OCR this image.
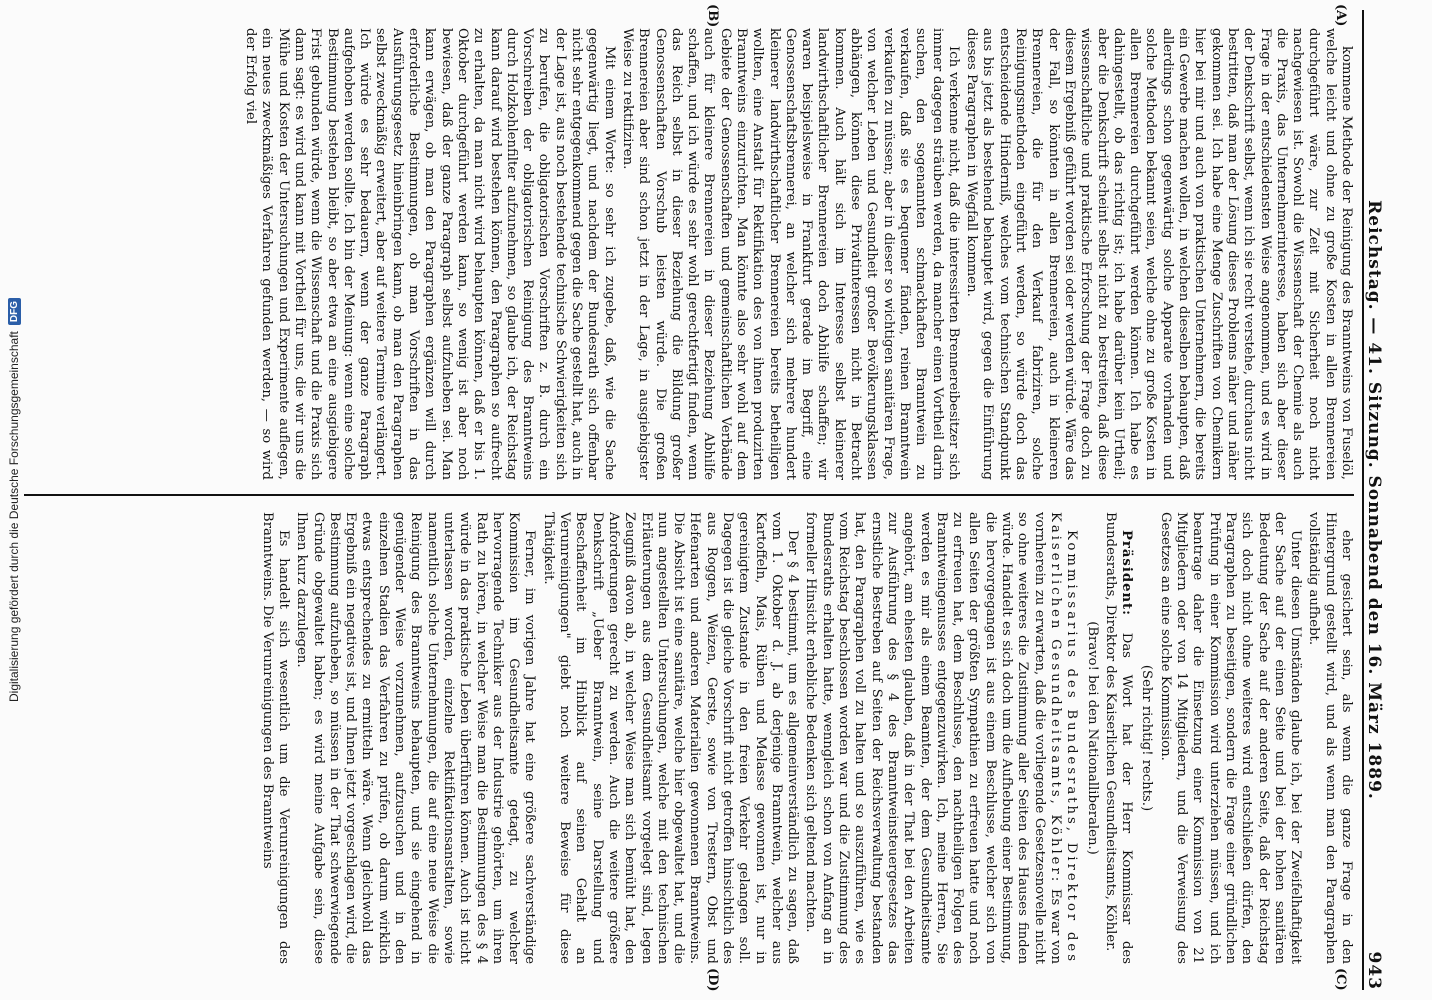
Reichstag. — 41. Sitzung. Sonnabend den 16. März 1889.
943
(A)
(B)
(C)
(D)

kommene Methode der Reinigung des Branntweins von Fuselöl, welche leicht und ohne zu große Kosten in allen Brennereien durchgeführt wäre, zur Zeit mit Sicherheit noch nicht nachgewiesen ist. Sowohl die Wissenschaft der Chemie als auch die Praxis, das Unternehmerinteresse, haben sich aber dieser Frage in der entschiedensten Weise angenommen, und es wird in der Denkschrift selbst, wenn ich sie recht verstehe, durchaus nicht bestritten, daß man der Lösung dieses Problems näher und näher gekommen sei. Ich habe eine Menge Zuschriften von Chemikern hier bei mir und auch von praktischen Unternehmern, die bereits ein Gewerbe machen wollen, in welchen dieselben behaupten, daß allerdings schon gegenwärtig solche Apparate vorhanden und solche Methoden bekannt seien, welche ohne zu große Kosten in allen Brennereien durchgeführt werden können. Ich habe es dahingestellt, ob das richtig ist; ich habe darüber kein Urtheil; aber die Denkschrift scheint selbst nicht zu bestreiten, daß diese wissenschaftliche und praktische Erforschung der Frage doch zu diesem Ergebniß geführt worden sei oder werden würde. Wäre das der Fall, so könnten in allen Brennereien, auch in kleineren Brennereien, die für den Verkauf fabriziren, solche Reinigungsmethoden eingeführt werden, so würde doch das entscheidende Hinderniß, welches vom technischen Standpunkt aus bis jetzt als bestehend behauptet wird, gegen die Einführung dieses Paragraphen in Wegfall kommen.

Ich verkenne nicht, daß die interessirten Brennereibesitzer sich immer dagegen sträuben werden, da mancher einen Vortheil darin suchen, den sogenannten schmackhaften Branntwein zu verkaufen, daß sie es bequemer fänden, reinen Branntwein verkaufen zu müssen; aber in dieser so wichtigen sanitären Frage, von welcher Leben und Gesundheit großer Bevölkerungsklassen abhängen, können diese Privatinteressen nicht in Betracht kommen. Auch hält sich im Interesse selbst kleinerer landwirthschaftlicher Brennereien doch Abhilfe schaffen; wir waren beispielsweise in Frankfurt gerade im Begriff, eine Genossenschaftsbrennerei, an welcher sich mehrere hundert kleinerer landwirthschaftlicher Brennereien bereits betheiligen wollten, eine Anstalt für Rektifikation des von ihnen produzirten Branntweins einzurichten. Man könnte also sehr wohl auf dem Gebiete der Genossenschaften und gemeinschaftlichen Verbände auch für kleinere Brennereien in dieser Beziehung Abhilfe schaffen, und ich würde es sehr wohl gerechtfertigt finden, wenn das Reich selbst in dieser Beziehung die Bildung großer Genossenschaften Vorschub leisten würde. Die großen Brennereien aber sind schon jetzt in der Lage, in ausgiebigster Weise zu rektifiziren.

Mit einem Worte: so sehr ich zugebe, daß, wie die Sache gegenwärtig liegt, und nachdem der Bundesrath sich offenbar nicht sehr entgegenkommend gegen die Sache gestellt hat, auch in der Lage ist, aus noch bestehende technische Schwierigkeiten sich zu berufen, die obligatorischen Vorschriften z. B. durch ein Vorschreiben der obligatorischen Reinigung des Branntweins durch Holzkohlenfilter aufzunehmen, so glaube ich, der Reichstag kann darauf wird bestehen können, den Paragraphen so aufrecht zu erhalten, da man nicht wird behaupten können, daß er bis 1. Oktober durchgeführt werden kann, so wenig ist aber noch bewiesen, daß der ganze Paragraph selbst aufzuheben sei. Man kann erwägen, ob man den Paragraphen ergänzen will durch erforderliche Bestimmungen, ob man Vorschriften in das Ausführungsgesetz hineinbringen kann, ob man den Paragraphen selbst zweckmäßig erweitert, aber auf weitere Termine verlängert. Ich würde es sehr bedauern, wenn der ganze Paragraph aufgehoben werden sollte. Ich bin der Meinung: wenn eine solche Bestimmung bestehen bleibt, so aber etwa an eine ausgiebigere Frist gebunden würde, wenn die Wissenschaft und die Praxis sich dann sagt: es wird und kann mit Vortheil für uns, die wir uns die Mühe und Kosten der Untersuchungen und Experimente auflegen, ein neues zweckmäßiges Verfahren gefunden werden, — so wird der Erfolg viel

eher gesichert sein, als wenn die ganze Frage in den Hintergrund gestellt wird, und als wenn man den Paragraphen vollständig aufhebt.

Unter diesen Umständen glaube ich, bei der Zweifelhaftigkeit der Sache auf der einen Seite und bei der hohen sanitären Bedeutung der Sache auf der anderen Seite, daß der Reichstag sich doch nicht ohne weiteres wird entschließen dürfen, den Paragraphen zu beseitigen, sondern die Frage einer gründlichen Prüfung in einer Kommission wird unterziehen müssen, und ich beantrage daher die Einsetzung einer Kommission von 21 Mitgliedern oder von 14 Mitgliedern, und die Verweisung des Gesetzes an eine solche Kommission.

(Sehr richtig! rechts.)

Präsident: Das Wort hat der Herr Kommissar des Bundesraths, Direktor des Kaiserlichen Gesundheitsamts, Köhler.

(Bravo! bei den Nationalliberalen.)

Kommissarius des Bundesraths, Direktor des Kaiserlichen Gesundheitsamts, Köhler: Es war von vornherein zu erwarten, daß die vorliegende Gesetzesnovelle nicht so ohne weiteres die Zustimmung aller Seiten des Hauses finden würde. Handelt es sich doch um die Aufhebung einer Bestimmung, die hervorgegangen ist aus einem Beschlusse, welcher sich von allen Seiten der größten Sympathien zu erfreuen hatte und noch zu erfreuen hat, dem Beschlusse, den nachtheiligen Folgen des Branntweingenusses entgegenzuwirken. Ich, meine Herren, Sie werden es mir als einem Beamten, der dem Gesundheitsamte angehört, am ehesten glauben, daß in der That bei den Arbeiten zur Ausführung des § 4 des Branntweinsteuergesetzes das ernstliche Bestreben auf Seiten der Reichsverwaltung bestanden hat, den Paragraphen voll zu halten und so auszuführen, wie es vom Reichstag beschlossen worden war und die Zustimmung des Bundesraths erhalten hatte, wenngleich schon von Anfang an in formeller Hinsicht erhebliche Bedenken sich geltend machten.

Der § 4 bestimmt, um es allgemeinverständlich zu sagen, daß vom 1. Oktober d. J. ab derjenige Branntwein, welcher aus Kartoffeln, Mais, Rüben und Melasse gewonnen ist, nur in gereinigtem Zustande in den freien Verkehr gelangen soll. Dagegen ist die gleiche Vorschrift nicht getroffen hinsichtlich des aus Roggen, Weizen, Gerste, sowie von Trestern, Obst und Hefenarten und anderen Materialien gewonnenen Branntweins. Die Absicht ist eine sanitäre, welche hier obgewaltet hat, und die nun angestellten Untersuchungen, welche mit den technischen Erläuterungen aus dem Gesundheitsamt vorgelegt sind, legen Zeugniß davon ab, in welcher Weise man sich bemüht hat, den Anforderungen gerecht zu werden. Auch die weitere größere Denkschrift „Ueber Branntwein, seine Darstellung und Beschaffenheit im Hinblick auf seinen Gehalt an Verunreinigungen" giebt noch weitere Beweise für diese Thätigkeit.

Ferner, im vorigen Jahre hat eine größere sachverständige Kommission im Gesundheitsamte getagt, zu welcher hervorragende Techniker aus der Industrie gehörten, um ihren Rath zu hören, in welcher Weise man die Bestimmungen des § 4 würde in das praktische Leben überführen können. Auch ist nicht unterlassen worden, einzelne Rektifikationsanstalten, sowie namentlich solche Unternehmungen, die auf eine neue Weise die Reinigung des Branntweins behaupten, und sie eingehend in genügender Weise vorzunehmen, aufzusuchen und in den einzelnen Stadien das Verfahren zu prüfen, ob darum wirklich etwas entsprechendes zu ermitteln wäre. Wenn gleichwohl das Ergebniß ein negatives ist, und Ihnen jetzt vorgeschlagen wird, die Bestimmung aufzuheben, so müssen in der That schwerwiegende Gründe obgewaltet haben; es wird meine Aufgabe sein, diese Ihnen kurz darzulegen.

Es handelt sich wesentlich um die Verunreinigungen des Branntweins. Die Verunreinigungen des Branntweins

Digitalisierung gefördert durch die Deutsche Forschungsgemeinschaft
DFG
